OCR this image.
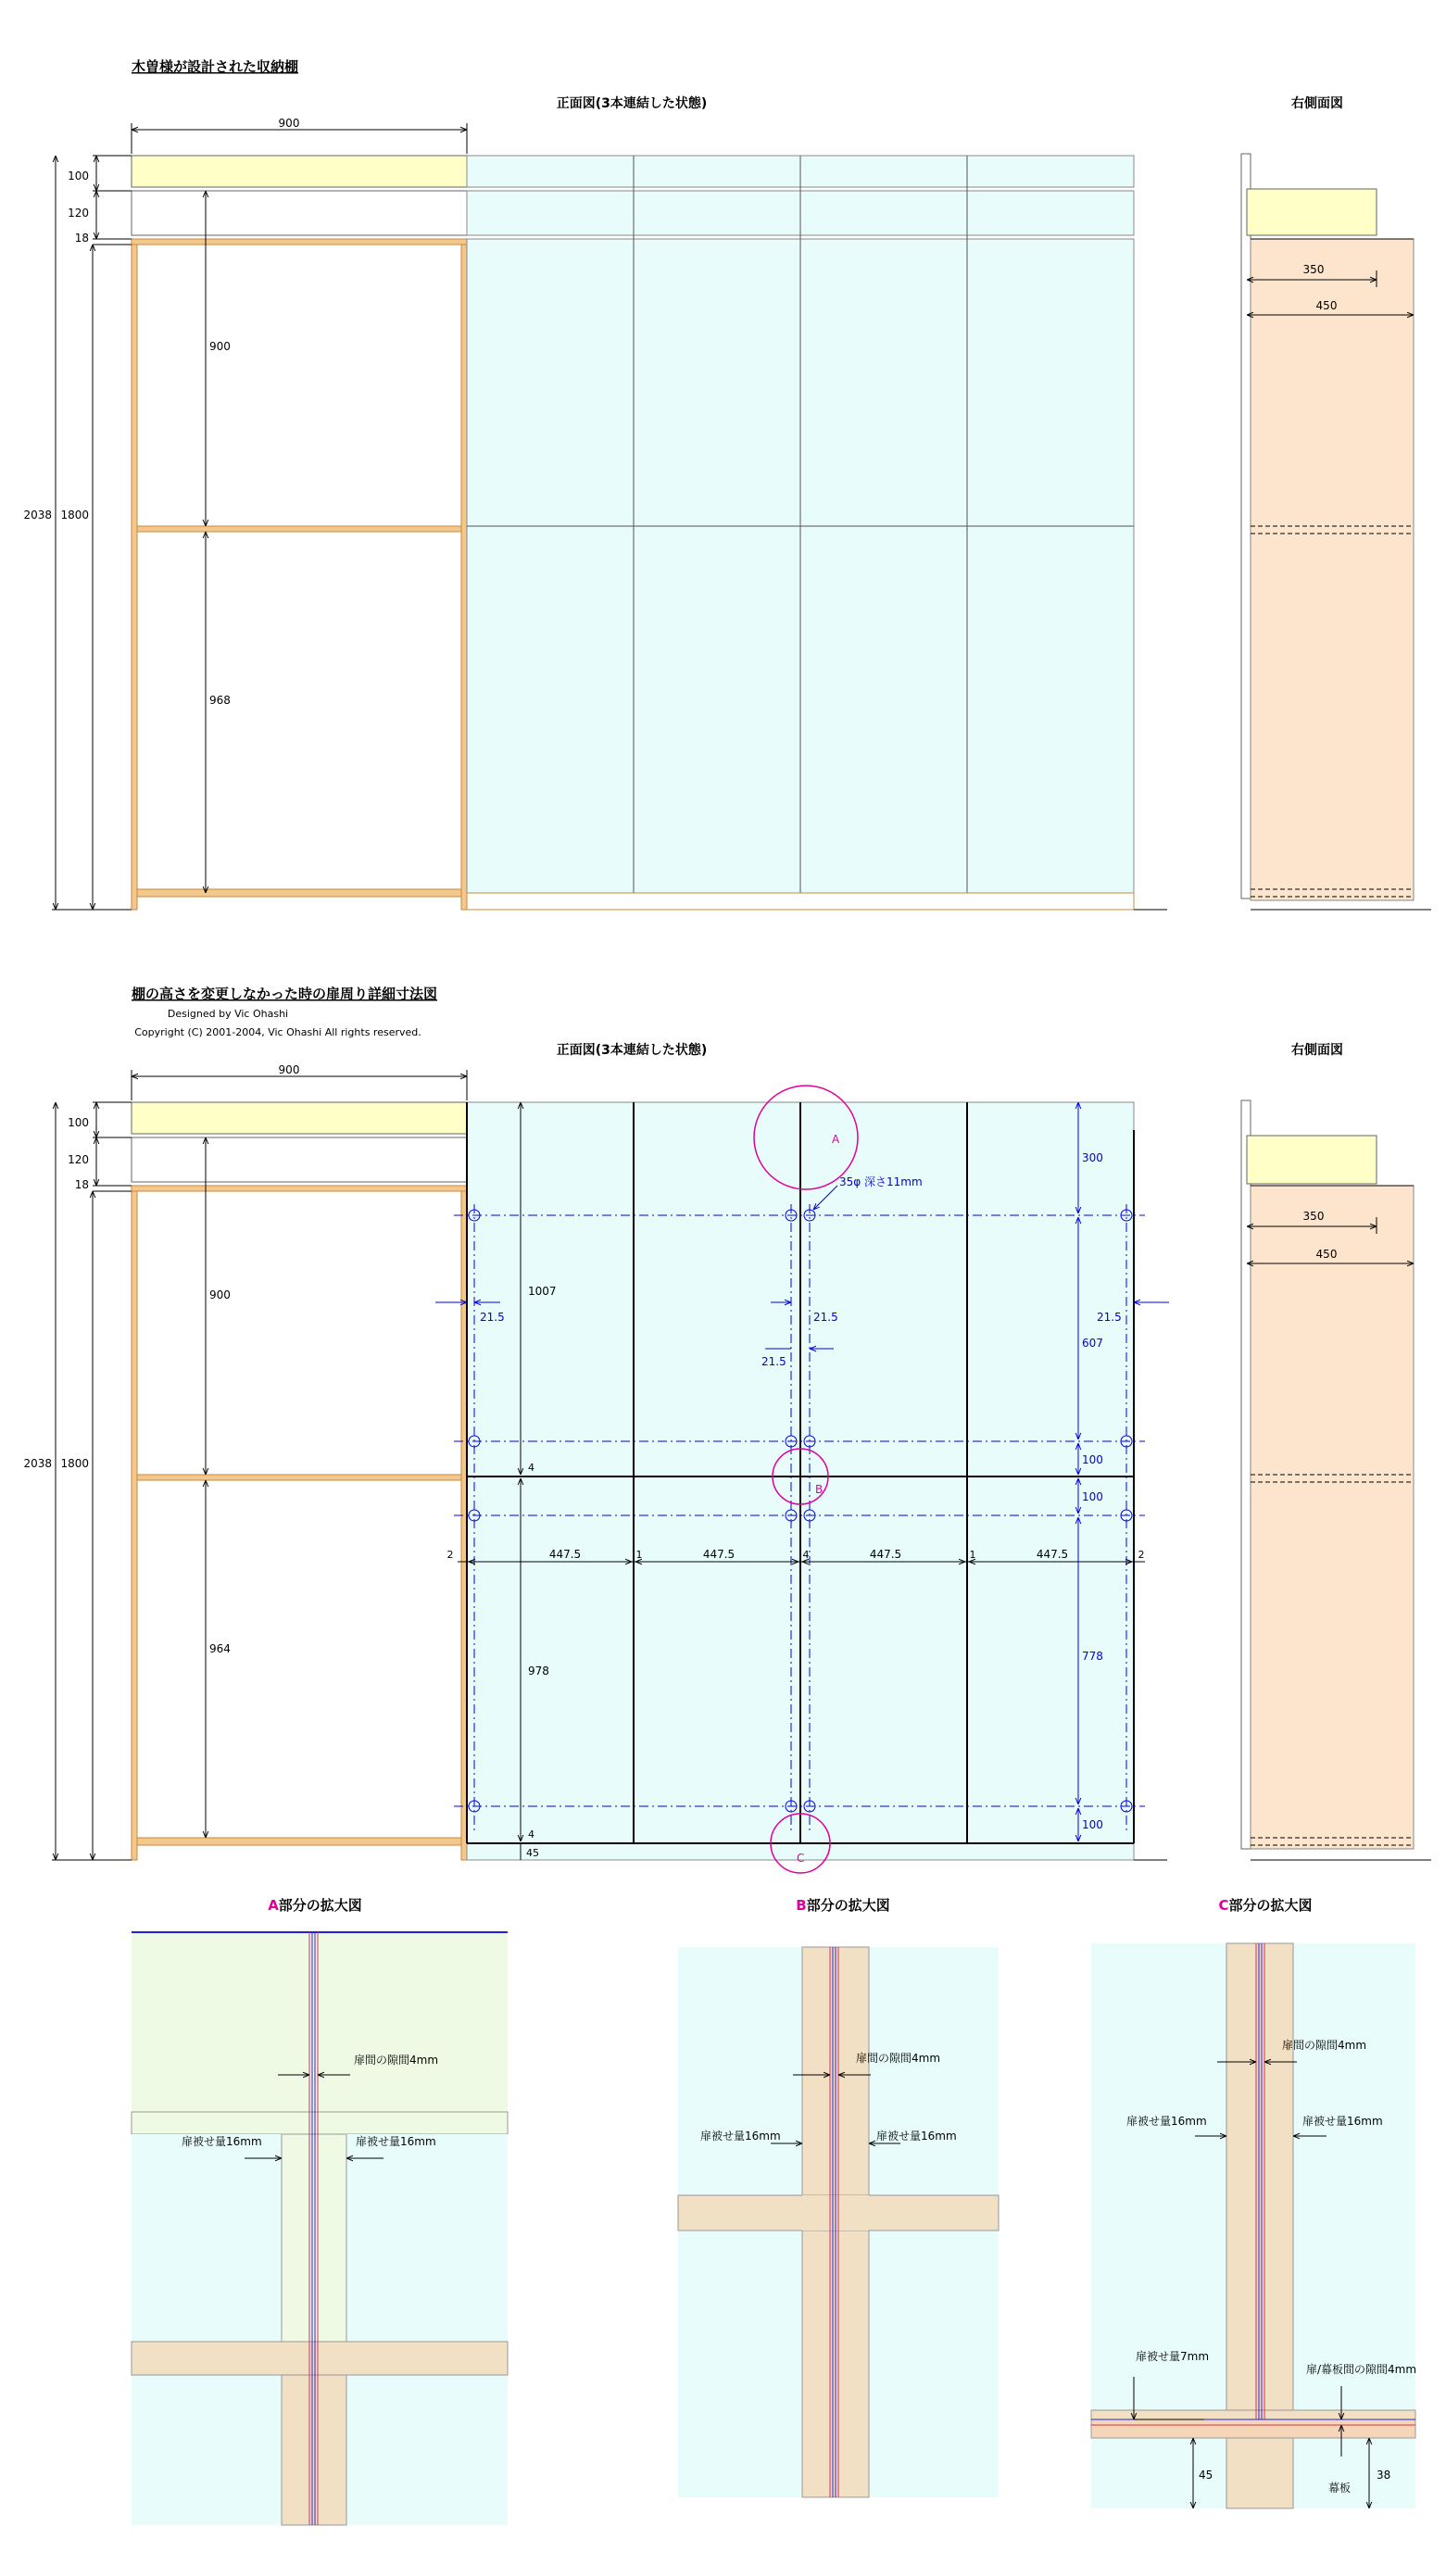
木曽様が設計された収納棚
正面図(3本連結した状態)	右側面図
900
100
120
18
2038 1800
900
968
350
450
棚の高さを変更しなかった時の扉周り詳細寸法図
Designed by Vic Ohashi
Copyright (C) 2001-2004, Vic Ohashi All rights reserved.
正面図(3本連結した状態)	右側面図
A
B
C
35φ 深さ11mm
900
100
120
18
2038 1800
900
964
1007
4
978
4
45
2	447.5	1	447.5	4	447.5	1	447.5	2
21.5	21.5
21.5
21.5
300
607
100
100
778
100
350
450
A部分の拡大図	B部分の拡大図	C部分の拡大図
扉間の隙間4mm
扉被せ量16mm	扉被せ量16mm
扉間の隙間4mm
扉被せ量16mm	扉被せ量16mm
扉間の隙間4mm
扉被せ量16mm	扉被せ量16mm
扉被せ量7mm
扉/幕板間の隙間4mm
45	38
幕板
